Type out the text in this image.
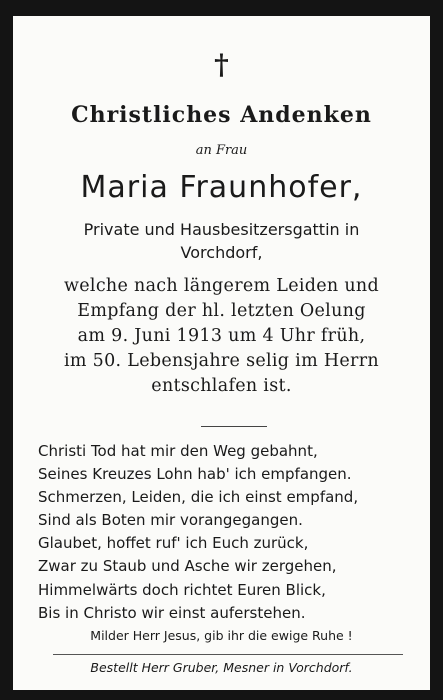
†
Christliches Andenken
an Frau
Maria Fraunhofer,
Private und Hausbesitzersgattin in
Vorchdorf,
welche nach längerem Leiden und
Empfang der hl. letzten Oelung
am 9. Juni 1913 um 4 Uhr früh,
im 50. Lebensjahre selig im Herrn
entschlafen ist.
Christi Tod hat mir den Weg gebahnt,
Seines Kreuzes Lohn hab' ich empfangen.
Schmerzen, Leiden, die ich einst empfand,
Sind als Boten mir vorangegangen.
Glaubet, hoffet ruf' ich Euch zurück,
Zwar zu Staub und Asche wir zergehen,
Himmelwärts doch richtet Euren Blick,
Bis in Christo wir einst auferstehen.
Milder Herr Jesus, gib ihr die ewige Ruhe !
Bestellt Herr Gruber, Mesner in Vorchdorf.
